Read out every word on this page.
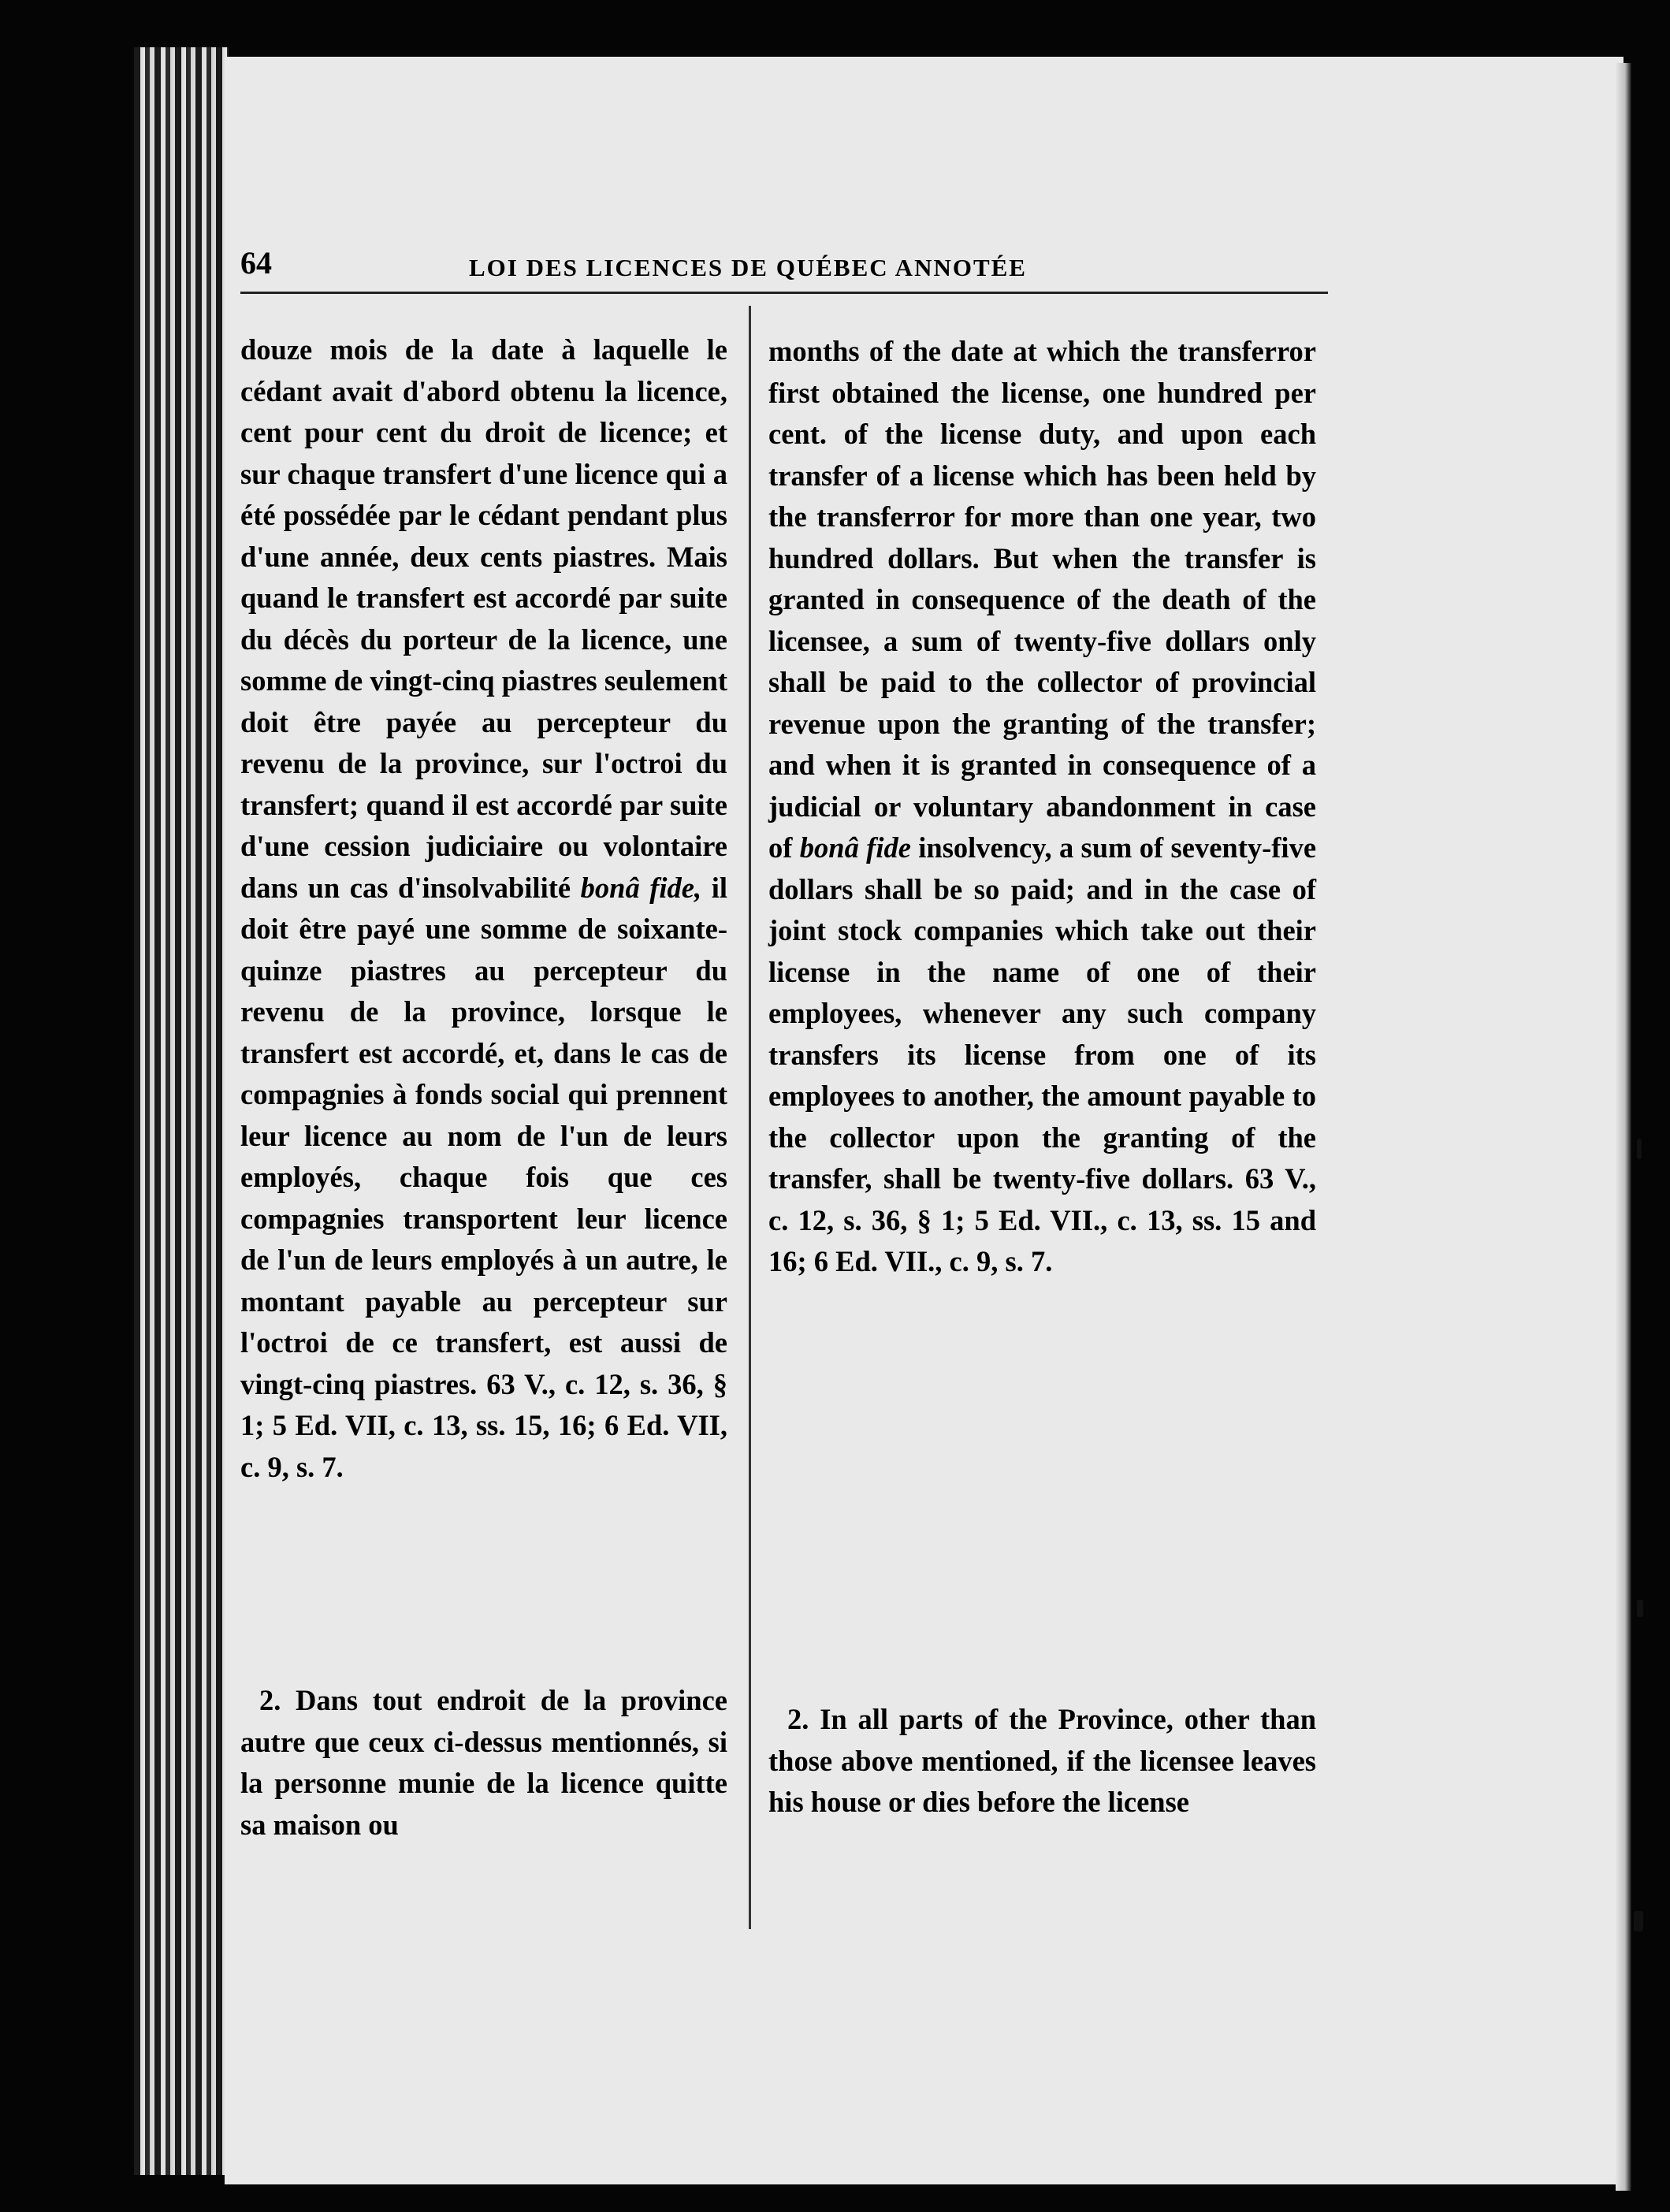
64	LOI DES LICENCES DE QUÉBEC ANNOTÉE

douze mois de la date à laquelle le cédant avait d'abord obtenu la licence, cent pour cent du droit de licence; et sur chaque transfert d'une licence qui a été possédée par le cédant pendant plus d'une année, deux cents piastres. Mais quand le transfert est accordé par suite du décès du porteur de la licence, une somme de vingt-cinq piastres seulement doit être payée au percepteur du revenu de la province, sur l'octroi du transfert; quand il est accordé par suite d'une cession judiciaire ou volontaire dans un cas d'insolvabilité bonâ fide, il doit être payé une somme de soixante-quinze piastres au percepteur du revenu de la province, lorsque le transfert est accordé, et, dans le cas de compagnies à fonds social qui prennent leur licence au nom de l'un de leurs employés, chaque fois que ces compagnies transportent leur licence de l'un de leurs employés à un autre, le montant payable au percepteur sur l'octroi de ce transfert, est aussi de vingt-cinq piastres. 63 V., c. 12, s. 36, § 1; 5 Ed. VII, c. 13, ss. 15, 16; 6 Ed. VII, c. 9, s. 7.

2. Dans tout endroit de la province autre que ceux ci-dessus mentionnés, si la personne munie de la licence quitte sa maison ou

months of the date at which the transferror first obtained the license, one hundred per cent. of the license duty, and upon each transfer of a license which has been held by the transferror for more than one year, two hundred dollars. But when the transfer is granted in consequence of the death of the licensee, a sum of twenty-five dollars only shall be paid to the collector of provincial revenue upon the granting of the transfer; and when it is granted in consequence of a judicial or voluntary abandonment in case of bonâ fide insolvency, a sum of seventy-five dollars shall be so paid; and in the case of joint stock companies which take out their license in the name of one of their employees, whenever any such company transfers its license from one of its employees to another, the amount payable to the collector upon the granting of the transfer, shall be twenty-five dollars. 63 V., c. 12, s. 36, § 1; 5 Ed. VII., c. 13, ss. 15 and 16; 6 Ed. VII., c. 9, s. 7.

2. In all parts of the Province, other than those above mentioned, if the licensee leaves his house or dies before the license
